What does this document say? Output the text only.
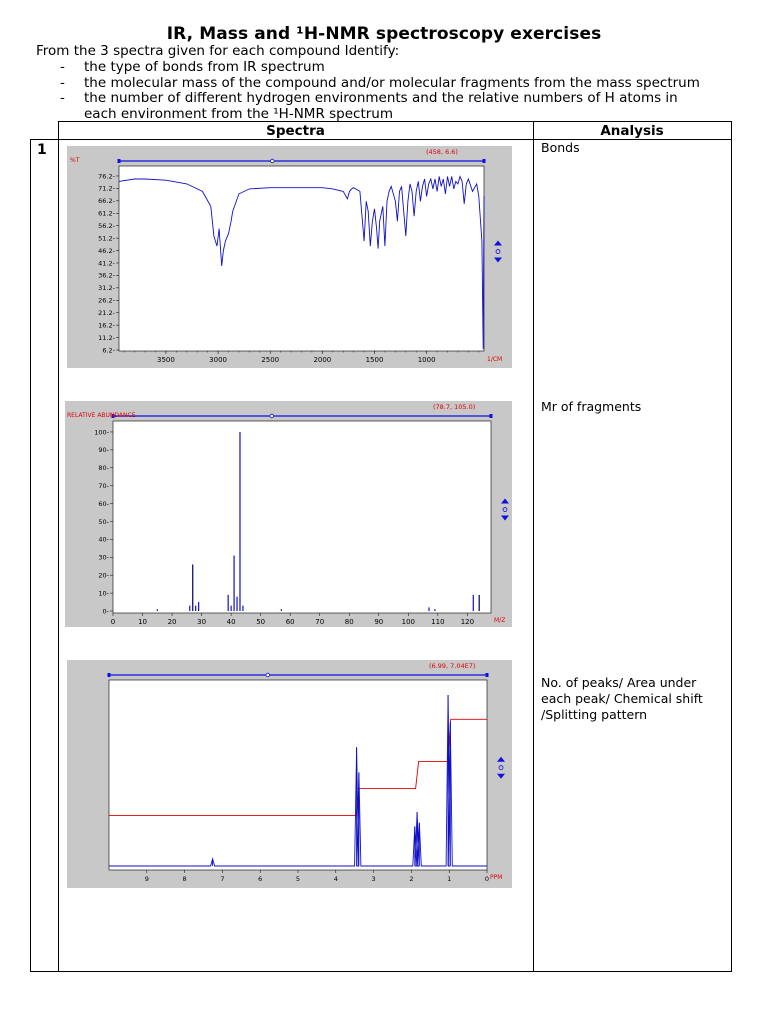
IR, Mass and ¹H-NMR spectroscopy exercises
From the 3 spectra given for each compound Identify:
- the type of bonds from IR spectrum
- the molecular mass of the compound and/or molecular fragments from the mass spectrum
- the number of different hydrogen environments and the relative numbers of H atoms in
each environment from the ¹H-NMR spectrum
Spectra	Analysis
1	Bonds
Mr of fragments
No. of peaks/ Area under each peak/ Chemical shift /Splitting pattern
(458, 6.6)
%T
1/CM
76.2-
71.2-
66.2-
61.2-
56.2-
51.2-
46.2-
41.2-
36.2-
31.2-
26.2-
21.2-
16.2-
11.2-
6.2-
3500	3000	2500	2000	1500	1000
(78.7, 105.0)
RELATIVE ABUNDANCE
M/Z
0-
10-
20-
30-
40-
50-
60-
70-
80-
90-
100-
0	10	20	30	40	50	60	70	80	90	100 110 120
(6.99, 7.04E7)
PPM
9	8	7	6	5	4	3	2	1	0
